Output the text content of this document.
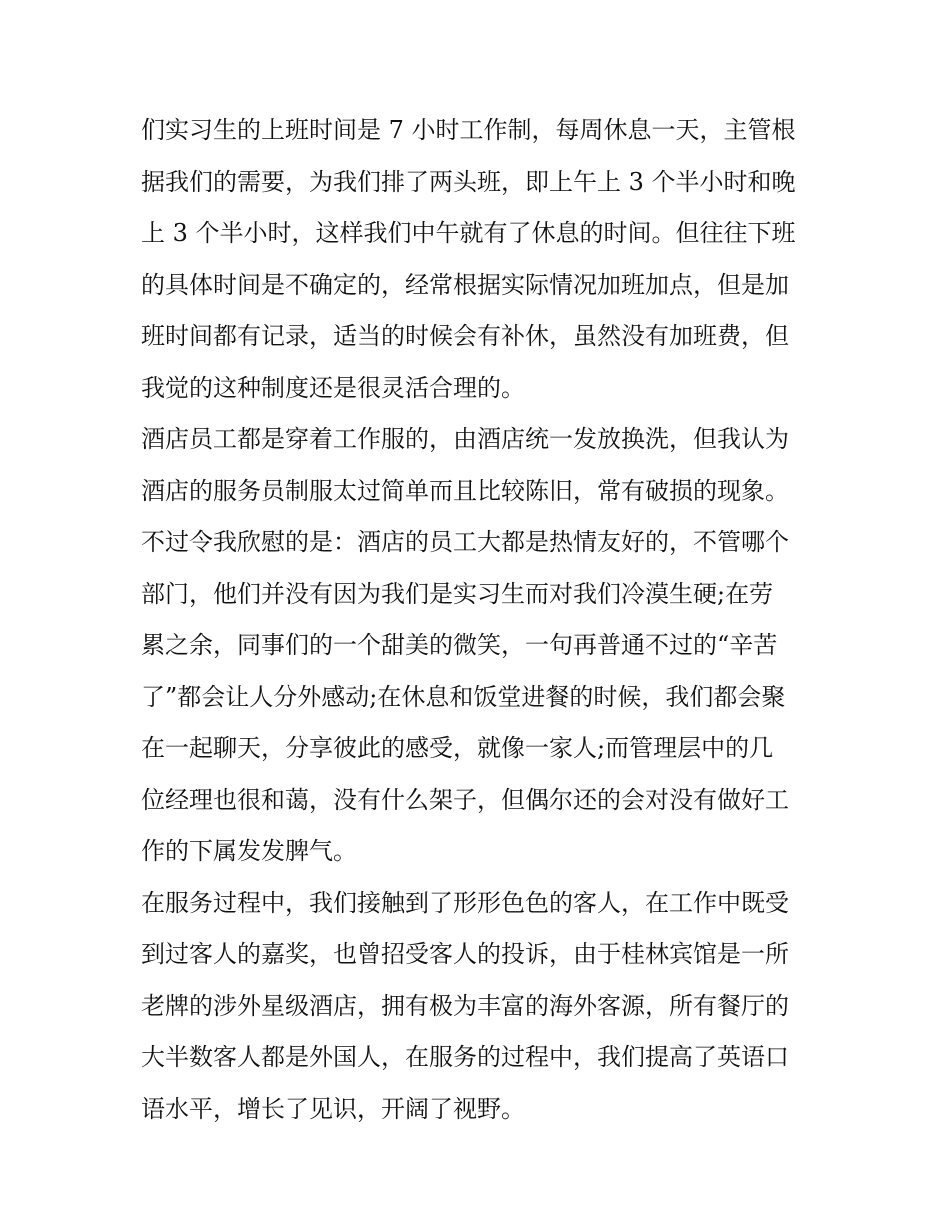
们实习生的上班时间是 7 小时工作制，每周休息一天，主管根
据我们的需要，为我们排了两头班，即上午上 3 个半小时和晚
上 3 个半小时，这样我们中午就有了休息的时间。但往往下班
的具体时间是不确定的，经常根据实际情况加班加点，但是加
班时间都有记录，适当的时候会有补休，虽然没有加班费，但
我觉的这种制度还是很灵活合理的。

酒店员工都是穿着工作服的，由酒店统一发放换洗，但我认为
酒店的服务员制服太过简单而且比较陈旧，常有破损的现象。
不过令我欣慰的是：酒店的员工大都是热情友好的，不管哪个
部门，他们并没有因为我们是实习生而对我们冷漠生硬;在劳
累之余，同事们的一个甜美的微笑，一句再普通不过的“辛苦
了”都会让人分外感动;在休息和饭堂进餐的时候，我们都会聚
在一起聊天，分享彼此的感受，就像一家人;而管理层中的几
位经理也很和蔼，没有什么架子，但偶尔还的会对没有做好工
作的下属发发脾气。

在服务过程中，我们接触到了形形色色的客人，在工作中既受
到过客人的嘉奖，也曾招受客人的投诉，由于桂林宾馆是一所
老牌的涉外星级酒店，拥有极为丰富的海外客源，所有餐厅的
大半数客人都是外国人，在服务的过程中，我们提高了英语口
语水平，增长了见识，开阔了视野。
